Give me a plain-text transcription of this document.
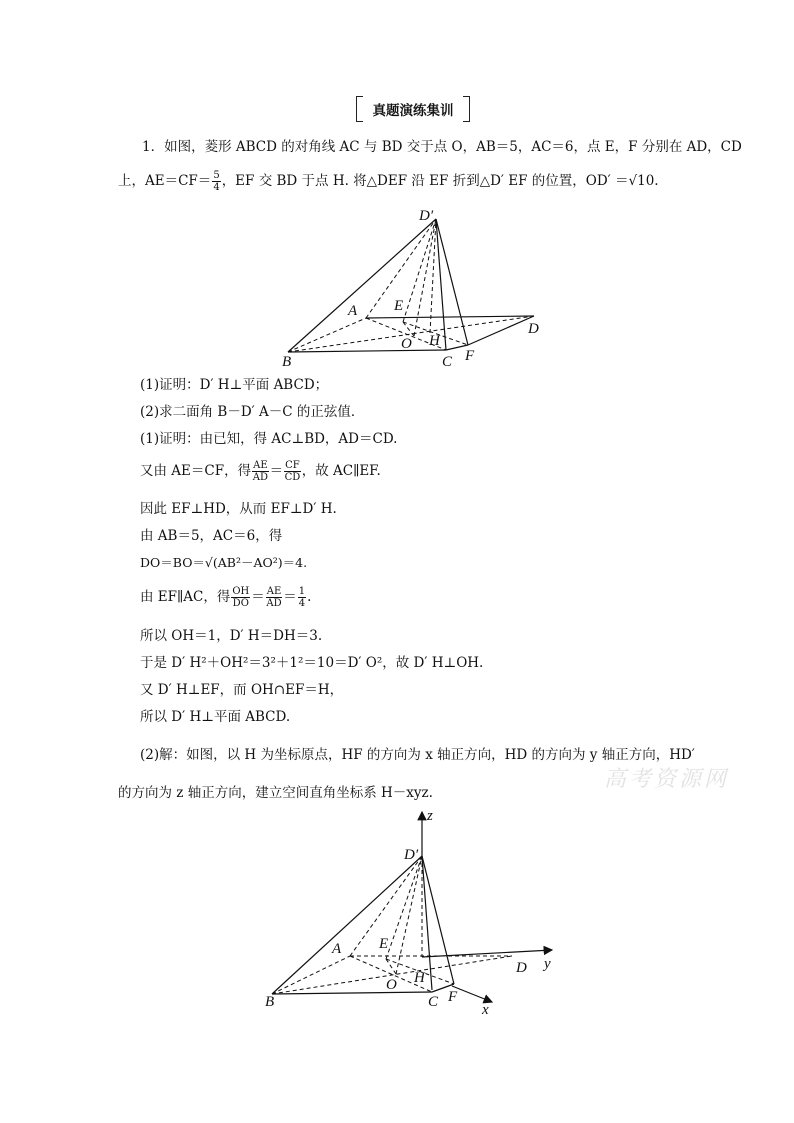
真题演练集训
1．如图，菱形 ABCD 的对角线 AC 与 BD 交于点 O，AB＝5，AC＝6，点 E，F 分别在 AD，CD
上，$AE=CF= \frac{5}{4}$ ，EF 交 BD 于点 H. 将△DEF 沿 EF 折到△D′ EF 的位置，OD′ ＝√10.
D′
A E
H
O
B	C F
D
(1)证明：D′ H⊥平面 ABCD；
(2)求二面角 B－D′ A－C 的正弦值．
(1)证明：由已知，得 AC⊥BD，AD＝CD.
又由 AE＝CF，得 $\frac{AE}{AD} = \frac{CF}{CD}$ ，故 AC∥EF.
因此 EF⊥HD，从而 EF⊥D′ H.
由 AB＝5，AC＝6，得
DO＝BO＝√(AB²－AO²)＝4.
由 EF∥AC，得 $\frac{OH}{DO} = \frac{AE}{AD} = \frac{1}{4}$ .
所以 OH＝1，D′ H＝DH＝3.
于是 D′ H²＋OH²＝3²＋1²＝10＝D′ O²，故 D′ H⊥OH.
又 D′ H⊥EF，而 OH∩EF＝H，
所以 D′ H⊥平面 ABCD.
(2)解：如图，以 H 为坐标原点，HF 的方向为 x 轴正方向，HD 的方向为 y 轴正方向，HD′
的方向为 z 轴正方向，建立空间直角坐标系 H－xyz.
高考资源网
z
D′
A	E
H
O
B	C F
D y
x
